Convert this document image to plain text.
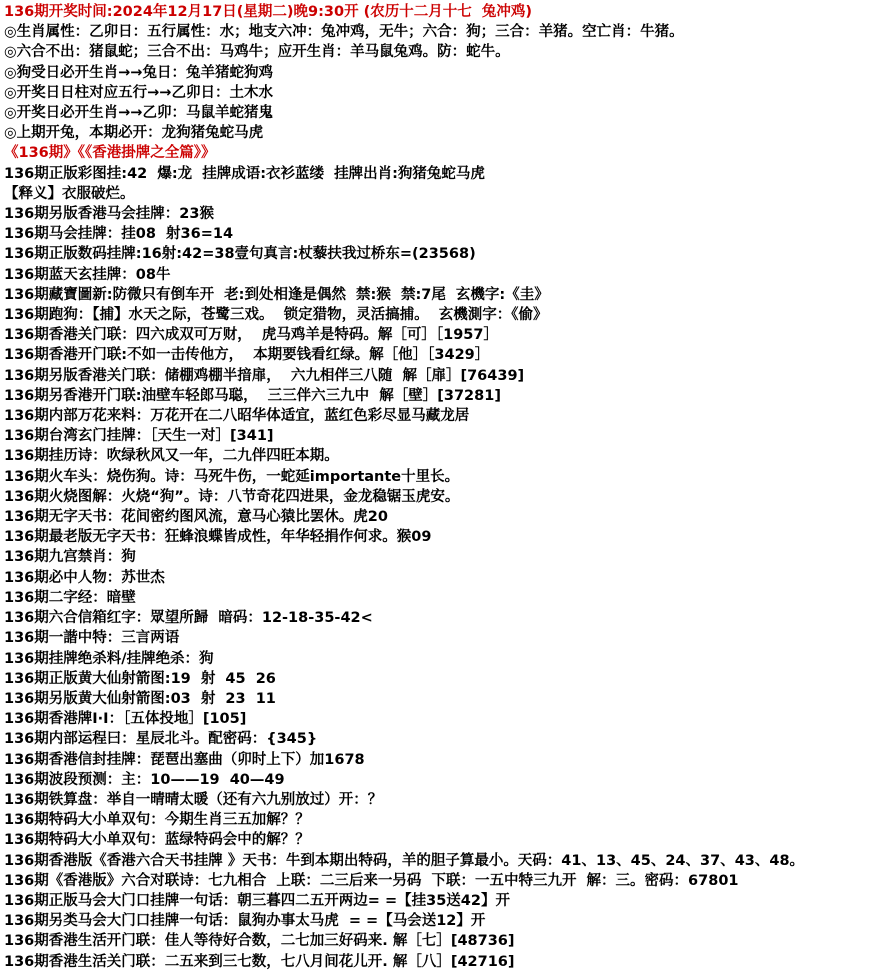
136期开奖时间:2024年12月17日(星期二)晚9:30开 (农历十二月十七  兔冲鸡)
◎生肖属性：乙卯日：五行属性：水；地支六冲：兔冲鸡，无牛；六合：狗；三合：羊猪。空亡肖：牛猪。
◎六合不出：猪鼠蛇；三合不出：马鸡牛；应开生肖：羊马鼠兔鸡。防：蛇牛。
◎狗受日必开生肖→→兔日：兔羊猪蛇狗鸡
◎开奖日日柱对应五行→→乙卯日：土木水
◎开奖日必开生肖→→乙卯：马鼠羊蛇猪鬼
◎上期开兔，本期必开：龙狗猪兔蛇马虎
《136期》《《香港掛牌之全篇》》
136期正版彩图挂:42  爆:龙  挂牌成语:衣衫蓝缕  挂牌出肖:狗猪兔蛇马虎
【释义】衣服破烂。
136期另版香港马会挂牌：23猴
136期马会挂牌：挂08  射36=14
136期正版数码挂牌:16射:42=38壹句真言:杖藜扶我过桥东=(23568)
136期蓝天玄挂牌：08牛
136期藏寶圖新:防微只有倒车开  老:到处相逢是偶然  禁:猴  禁:7尾  玄機字:《圭》
136期跑狗：【捕】水天之际，苍鹭三戏。  锁定猎物，灵活搞捕。  玄機測字：《偷》
136期香港关门联：四六成双可万财，  虎马鸡羊是特码。解［可］［1957］
136期香港开门联:不如一击传他方，  本期要钱看红绿。解［他］［3429］
136期另版香港关门联：储棚鸡棚半揞扉，  六九相伴三八随  解［扉］[76439]
136期另香港开门联:油壁车轻郎马聪，  三三伴六三九中  解［壁］[37281]
136期内部万花来料：万花开在二八昭华体适宜，蓝红色彩尽显马藏龙居
136期台湾玄门挂牌：［天生一对］[341]
136期挂历诗：吹绿秋风又一年，二九伴四旺本期。
136期火车头：烧伤狗。诗：马死牛伤，一蛇延importante十里长。
136期火烧图解：火烧“狗”。诗：八节奇花四进果，金龙稳锯玉虎安。
136期无字天书：花间密约图风流，意马心猿比罢休。虎20
136期最老版无字天书：狂蜂浪蝶皆成性，年华轻捐作何求。猴09
136期九宫禁肖：狗
136期必中人物：苏世杰
136期二字经：暗壁
136期六合信箱红字：眾望所歸  暗码：12-18-35-42<
136期一諧中特：三言两语
136期挂牌绝杀料/挂牌绝杀：狗
136期正版黄大仙射箭图:19  射  45  26
136期另版黄大仙射箭图:03  射  23  11
136期香港牌Ⅰ·Ⅰ：［五体投地］[105]
136期内部运程曰：星辰北斗。配密码：{345}
136期香港信封挂牌：琵琶出塞曲（卯时上下）加1678
136期波段预测：主：10——19  40—49
136期铁算盘：举自一晴晴太暖（还有六九别放过）开：？
136期特码大小单双句：今期生肖三五加解？？
136期特码大小单双句：蓝绿特码会中的解？？
136期香港版《香港六合天书挂牌 》天书：牛到本期出特码，羊的胆子算最小。天码：41、13、45、24、37、43、48。
136期《香港版》六合对联诗：七九相合  上联：二三后来一叧码  下联：一五中特三九开  解：三。密码：67801
136期正版马会大门口挂牌一句话：朝三暮四二五开两边= =【挂35送42】开
136期另类马会大门口挂牌一句话：鼠狗办事太马虎  = =【马会送12】开
136期香港生活开门联：佳人等待好合数，二七加三好码来. 解［七］[48736]
136期香港生活关门联：二五来到三七数，七八月间花儿开. 解［八］[42716]
